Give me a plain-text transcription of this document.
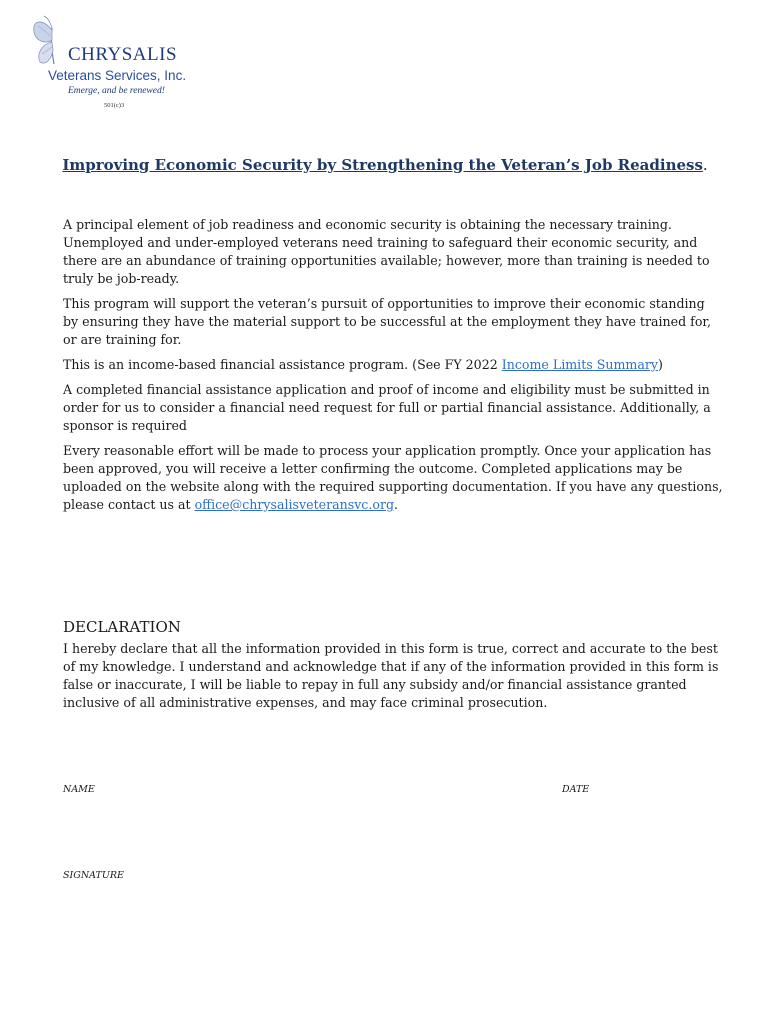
CHRYSALIS
Veterans Services, Inc.
Emerge, and be renewed!
501(c)3
Improving Economic Security by Strengthening the Veteran’s Job Readiness.

A principal element of job readiness and economic security is obtaining the necessary training. Unemployed and under-employed veterans need training to safeguard their economic security, and there are an abundance of training opportunities available; however, more than training is needed to truly be job-ready.

This program will support the veteran’s pursuit of opportunities to improve their economic standing by ensuring they have the material support to be successful at the employment they have trained for, or are training for.

This is an income-based financial assistance program. (See FY 2022 Income Limits Summary)

A completed financial assistance application and proof of income and eligibility must be submitted in order for us to consider a financial need request for full or partial financial assistance. Additionally, a sponsor is required

Every reasonable effort will be made to process your application promptly. Once your application has been approved, you will receive a letter confirming the outcome. Completed applications may be uploaded on the website along with the required supporting documentation. If you have any questions, please contact us at office@chrysalisveteransvc.org.

DECLARATION
I hereby declare that all the information provided in this form is true, correct and accurate to the best of my knowledge. I understand and acknowledge that if any of the information provided in this form is false or inaccurate, I will be liable to repay in full any subsidy and/or financial assistance granted inclusive of all administrative expenses, and may face criminal prosecution.
NAME	DATE
SIGNATURE
